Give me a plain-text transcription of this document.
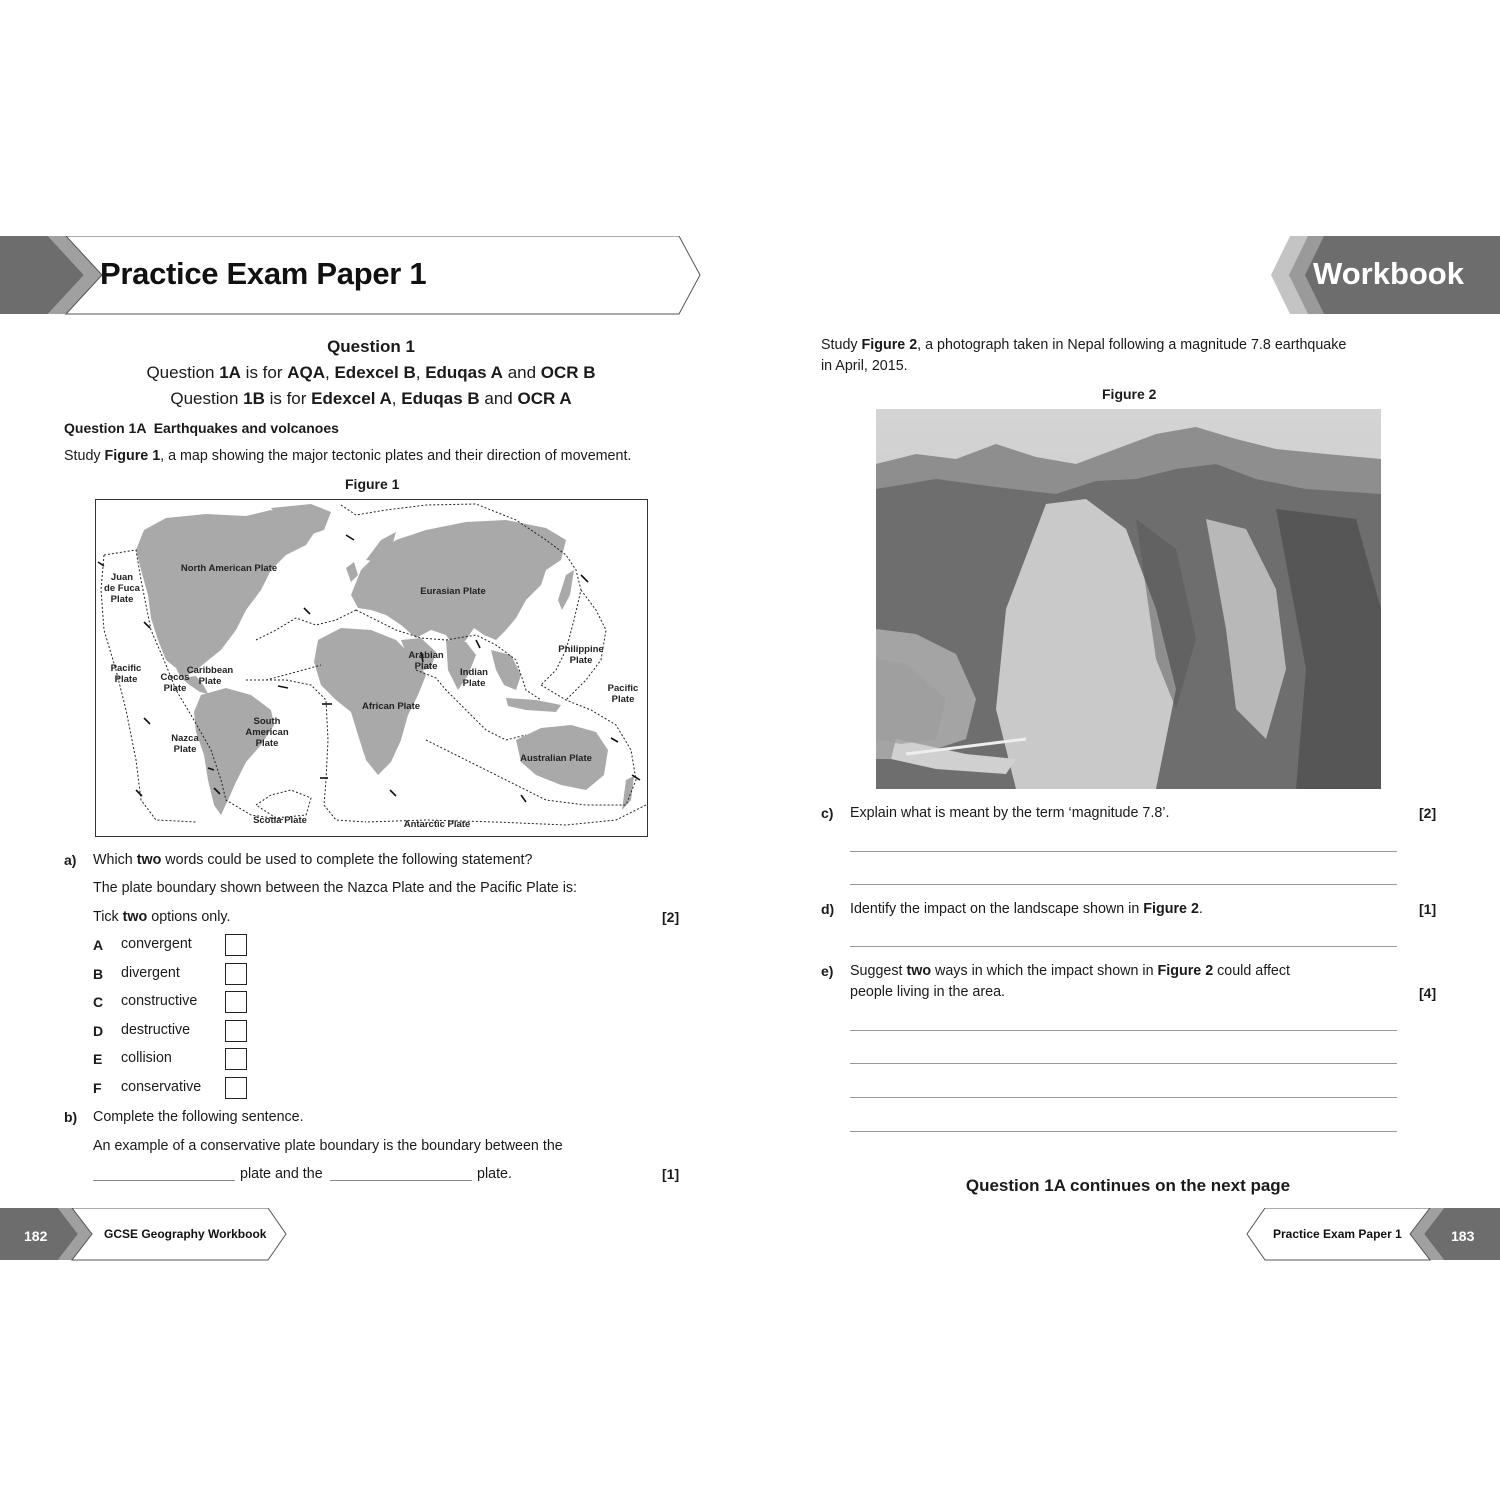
Practice Exam Paper 1	Workbook
Question 1
Question 1A is for AQA, Edexcel B, Eduqas A and OCR B
Question 1B is for Edexcel A, Eduqas B and OCR A
Question 1A  Earthquakes and volcanoes
Study Figure 1, a map showing the major tectonic plates and their direction of movement.
Figure 1
Juan
de Fuca
Plate
North American Plate
Eurasian Plate
Pacific
Plate	Cocos
Plate
Caribbean
Plate
Arabian
Plate
Indian
Plate
Philippine
Plate
Pacific
Plate
African Plate
South
American
Plate
Nazca
Plate
Australian Plate
Scotia Plate	Antarctic Plate
a) Which two words could be used to complete the following statement?
The plate boundary shown between the Nazca Plate and the Pacific Plate is:
Tick two options only.	[2]
A convergent
B divergent
C constructive
D destructive
E collision
F conservative
b) Complete the following sentence.
An example of a conservative plate boundary is the boundary between the
plate and the	plate.	[1]
Study Figure 2, a photograph taken in Nepal following a magnitude 7.8 earthquake
in April, 2015.
Figure 2
c) Explain what is meant by the term ‘magnitude 7.8’.	[2]
d) Identify the impact on the landscape shown in Figure 2.	[1]
e) Suggest two ways in which the impact shown in Figure 2 could affect
people living in the area.	[4]
Question 1A continues on the next page
182	GCSE Geography Workbook	Practice Exam Paper 1	183
